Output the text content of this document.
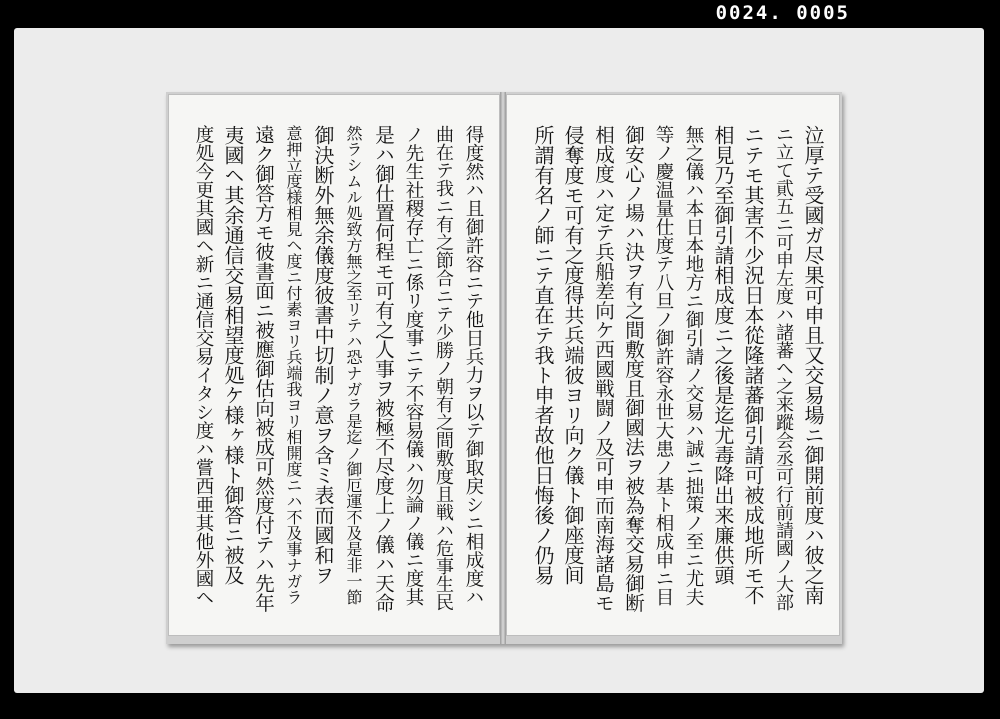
0024. 0005
得度然ハ且御許容ニテ他日兵力ヲ以テ御取戻シニ相成度ハ
曲在テ我ニ有之節合ニテ少勝ノ朝有之間敷度且戦ハ危事生民
ノ先生社稷存亡ニ係リ度事ニテ不容易儀ハ勿論ノ儀ニ度其
是ハ御仕置何程モ可有之人事ヲ被極不尽度上ノ儀ハ天命
然ラシムル処致方無之至リテハ恐ナガラ是迄ノ御厄運不及是非一節
御決断外無余儀度彼書中切制ノ意ヲ含ミ表而國和ヲ
意押立度様相見ヘ度ニ付素ヨリ兵端我ヨリ相開度ニハ不及事ナガラ
遠ク御答方モ彼書面ニ被應御估向被成可然度付テハ先年
夷國ヘ其余通信交易相望度処ケ様ヶ様ト御答ニ被及
度処今更其國ヘ新ニ通信交易イタシ度ハ嘗西亜其他外國ヘ	泣厚テ受國ガ尽果可申且又交易場ニ御開前度ハ彼之南
ニ立て貮五ニ可申左度ハ諸蕃ヘ之来蹤会丞可行前請國ノ大部
ニテモ其害不少況日本從隆諸蕃御引請可被成地所モ不
相見乃至御引請相成度ニ之後是迄尤毒降出来廉供頭
無之儀ハ本日本地方ニ御引請ノ交易ハ誠ニ拙策ノ至ニ尤夫
等ノ慶温量仕度テ八旦ノ御許容永世大患ノ基ト相成申ニ目
御安心ノ場ハ決ヲ有之間敷度且御國法ヲ被為奪交易御断
相成度ハ定テ兵船差向ケ西國戦闘ノ及可申而南海諸島モ
侵奪度モ可有之度得共兵端彼ヨリ向ク儀ト御座度间
所謂有名ノ師ニテ直在テ我ト申者故他日悔後ノ仍易
